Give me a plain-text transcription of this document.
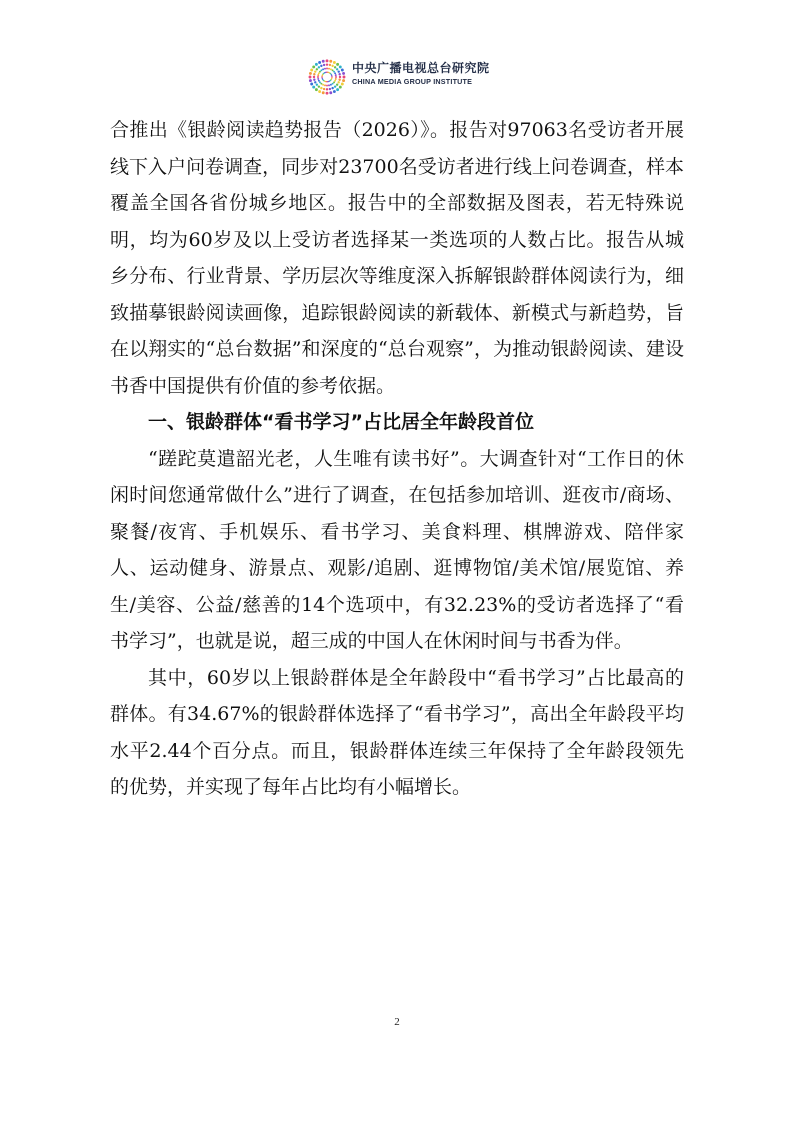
中央广播电视总台研究院
CHINA MEDIA GROUP INSTITUTE

合推出《银龄阅读趋势报告（2026）》。报告对97063名受访者开展线下入户问卷调查，同步对23700名受访者进行线上问卷调查，样本覆盖全国各省份城乡地区。报告中的全部数据及图表，若无特殊说明，均为60岁及以上受访者选择某一类选项的人数占比。报告从城乡分布、行业背景、学历层次等维度深入拆解银龄群体阅读行为，细致描摹银龄阅读画像，追踪银龄阅读的新载体、新模式与新趋势，旨在以翔实的“总台数据”和深度的“总台观察”，为推动银龄阅读、建设书香中国提供有价值的参考依据。

一、银龄群体“看书学习”占比居全年龄段首位

“蹉跎莫遣韶光老，人生唯有读书好”。大调查针对“工作日的休闲时间您通常做什么”进行了调查，在包括参加培训、逛夜市/商场、聚餐/夜宵、手机娱乐、看书学习、美食料理、棋牌游戏、陪伴家人、运动健身、游景点、观影/追剧、逛博物馆/美术馆/展览馆、养生/美容、公益/慈善的14个选项中，有32.23%的受访者选择了“看书学习”，也就是说，超三成的中国人在休闲时间与书香为伴。

其中，60岁以上银龄群体是全年龄段中“看书学习”占比最高的群体。有34.67%的银龄群体选择了“看书学习”，高出全年龄段平均水平2.44个百分点。而且，银龄群体连续三年保持了全年龄段领先的优势，并实现了每年占比均有小幅增长。

2
